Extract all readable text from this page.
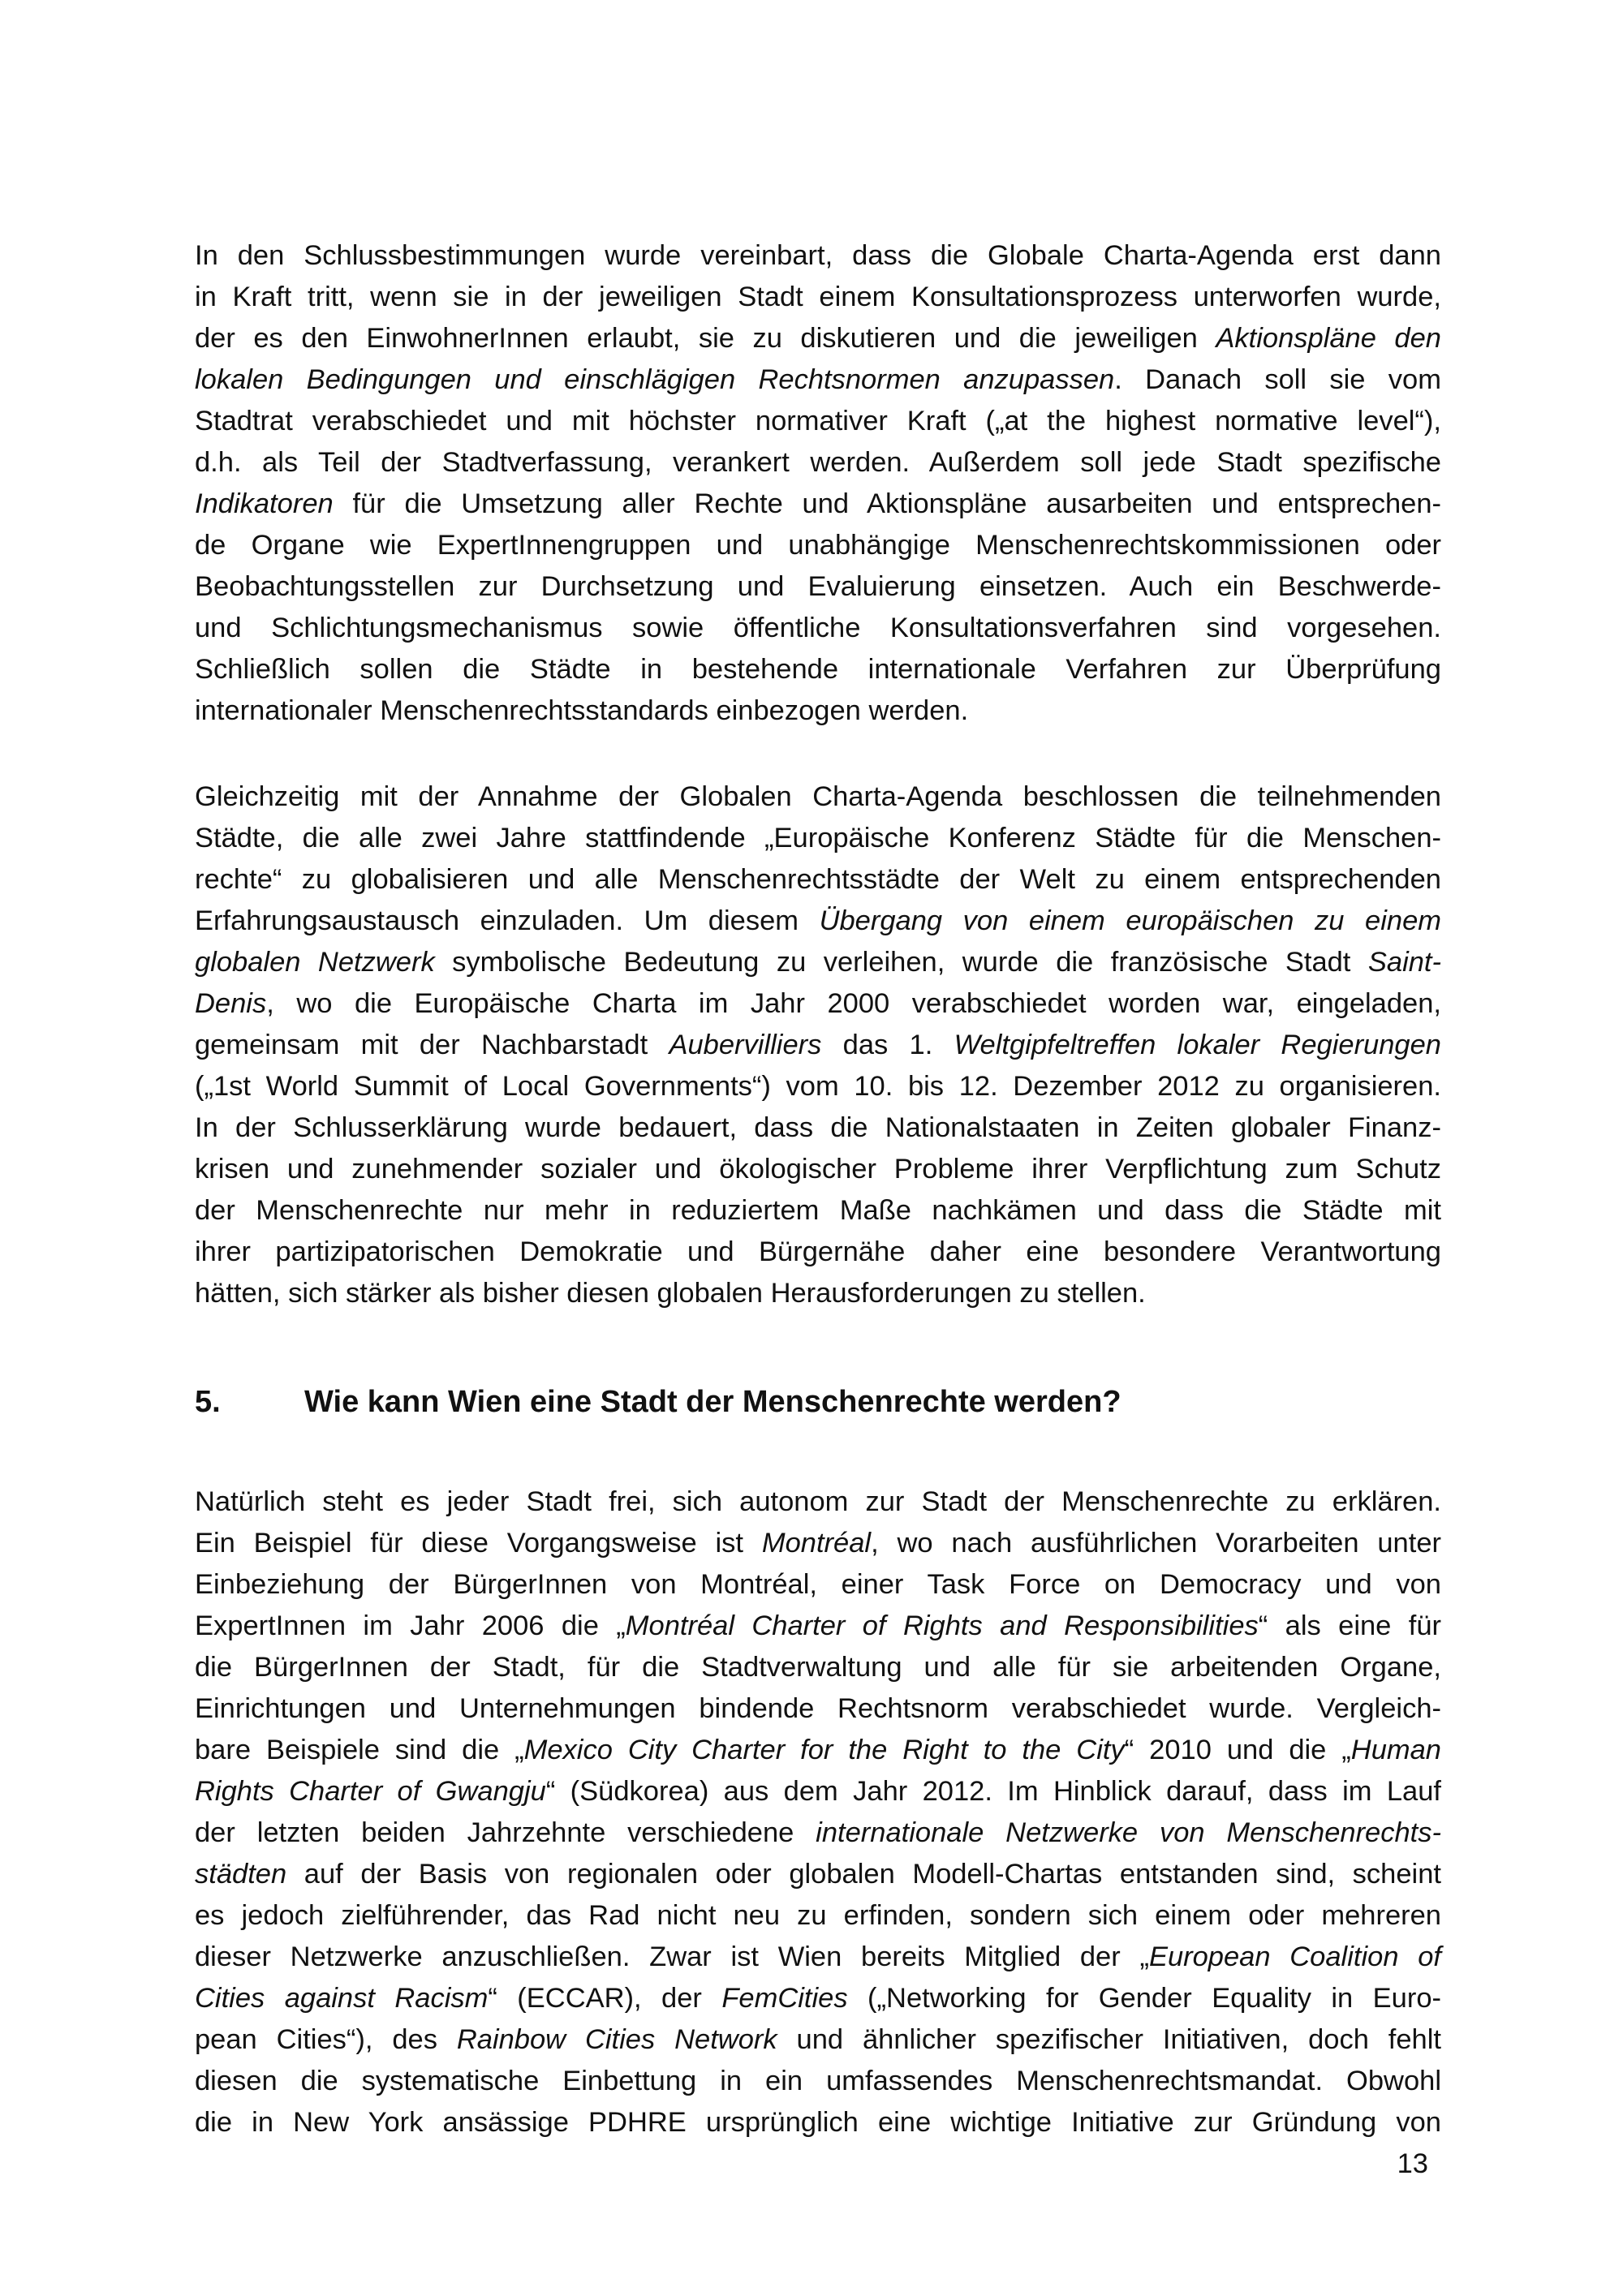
In den Schlussbestimmungen wurde vereinbart, dass die Globale Charta-Agenda erst dann
in Kraft tritt, wenn sie in der jeweiligen Stadt einem Konsultationsprozess unterworfen wurde,
der es den EinwohnerInnen erlaubt, sie zu diskutieren und die jeweiligen Aktionspläne den
lokalen Bedingungen und einschlägigen Rechtsnormen anzupassen. Danach soll sie vom
Stadtrat verabschiedet und mit höchster normativer Kraft („at the highest normative level“),
d.h. als Teil der Stadtverfassung, verankert werden. Außerdem soll jede Stadt spezifische
Indikatoren für die Umsetzung aller Rechte und Aktionspläne ausarbeiten und entsprechen-
de Organe wie ExpertInnengruppen und unabhängige Menschenrechtskommissionen oder
Beobachtungsstellen zur Durchsetzung und Evaluierung einsetzen. Auch ein Beschwerde-
und Schlichtungsmechanismus sowie öffentliche Konsultationsverfahren sind vorgesehen.
Schließlich sollen die Städte in bestehende internationale Verfahren zur Überprüfung
internationaler Menschenrechtsstandards einbezogen werden.
Gleichzeitig mit der Annahme der Globalen Charta-Agenda beschlossen die teilnehmenden
Städte, die alle zwei Jahre stattfindende „Europäische Konferenz Städte für die Menschen-
rechte“ zu globalisieren und alle Menschenrechtsstädte der Welt zu einem entsprechenden
Erfahrungsaustausch einzuladen. Um diesem Übergang von einem europäischen zu einem
globalen Netzwerk symbolische Bedeutung zu verleihen, wurde die französische Stadt Saint-
Denis, wo die Europäische Charta im Jahr 2000 verabschiedet worden war, eingeladen,
gemeinsam mit der Nachbarstadt Aubervilliers das 1. Weltgipfeltreffen lokaler Regierungen
(„1st World Summit of Local Governments“) vom 10. bis 12. Dezember 2012 zu organisieren.
In der Schlusserklärung wurde bedauert, dass die Nationalstaaten in Zeiten globaler Finanz-
krisen und zunehmender sozialer und ökologischer Probleme ihrer Verpflichtung zum Schutz
der Menschenrechte nur mehr in reduziertem Maße nachkämen und dass die Städte mit
ihrer partizipatorischen Demokratie und Bürgernähe daher eine besondere Verantwortung
hätten, sich stärker als bisher diesen globalen Herausforderungen zu stellen.
5.	Wie kann Wien eine Stadt der Menschenrechte werden?
Natürlich steht es jeder Stadt frei, sich autonom zur Stadt der Menschenrechte zu erklären.
Ein Beispiel für diese Vorgangsweise ist Montréal, wo nach ausführlichen Vorarbeiten unter
Einbeziehung der BürgerInnen von Montréal, einer Task Force on Democracy und von
ExpertInnen im Jahr 2006 die „Montréal Charter of Rights and Responsibilities“ als eine für
die BürgerInnen der Stadt, für die Stadtverwaltung und alle für sie arbeitenden Organe,
Einrichtungen und Unternehmungen bindende Rechtsnorm verabschiedet wurde. Vergleich-
bare Beispiele sind die „Mexico City Charter for the Right to the City“ 2010 und die „Human
Rights Charter of Gwangju“ (Südkorea) aus dem Jahr 2012. Im Hinblick darauf, dass im Lauf
der letzten beiden Jahrzehnte verschiedene internationale Netzwerke von Menschenrechts-
städten auf der Basis von regionalen oder globalen Modell-Chartas entstanden sind, scheint
es jedoch zielführender, das Rad nicht neu zu erfinden, sondern sich einem oder mehreren
dieser Netzwerke anzuschließen. Zwar ist Wien bereits Mitglied der „European Coalition of
Cities against Racism“ (ECCAR), der FemCities („Networking for Gender Equality in Euro-
pean Cities“), des Rainbow Cities Network und ähnlicher spezifischer Initiativen, doch fehlt
diesen die systematische Einbettung in ein umfassendes Menschenrechtsmandat. Obwohl
die in New York ansässige PDHRE ursprünglich eine wichtige Initiative zur Gründung von
13
